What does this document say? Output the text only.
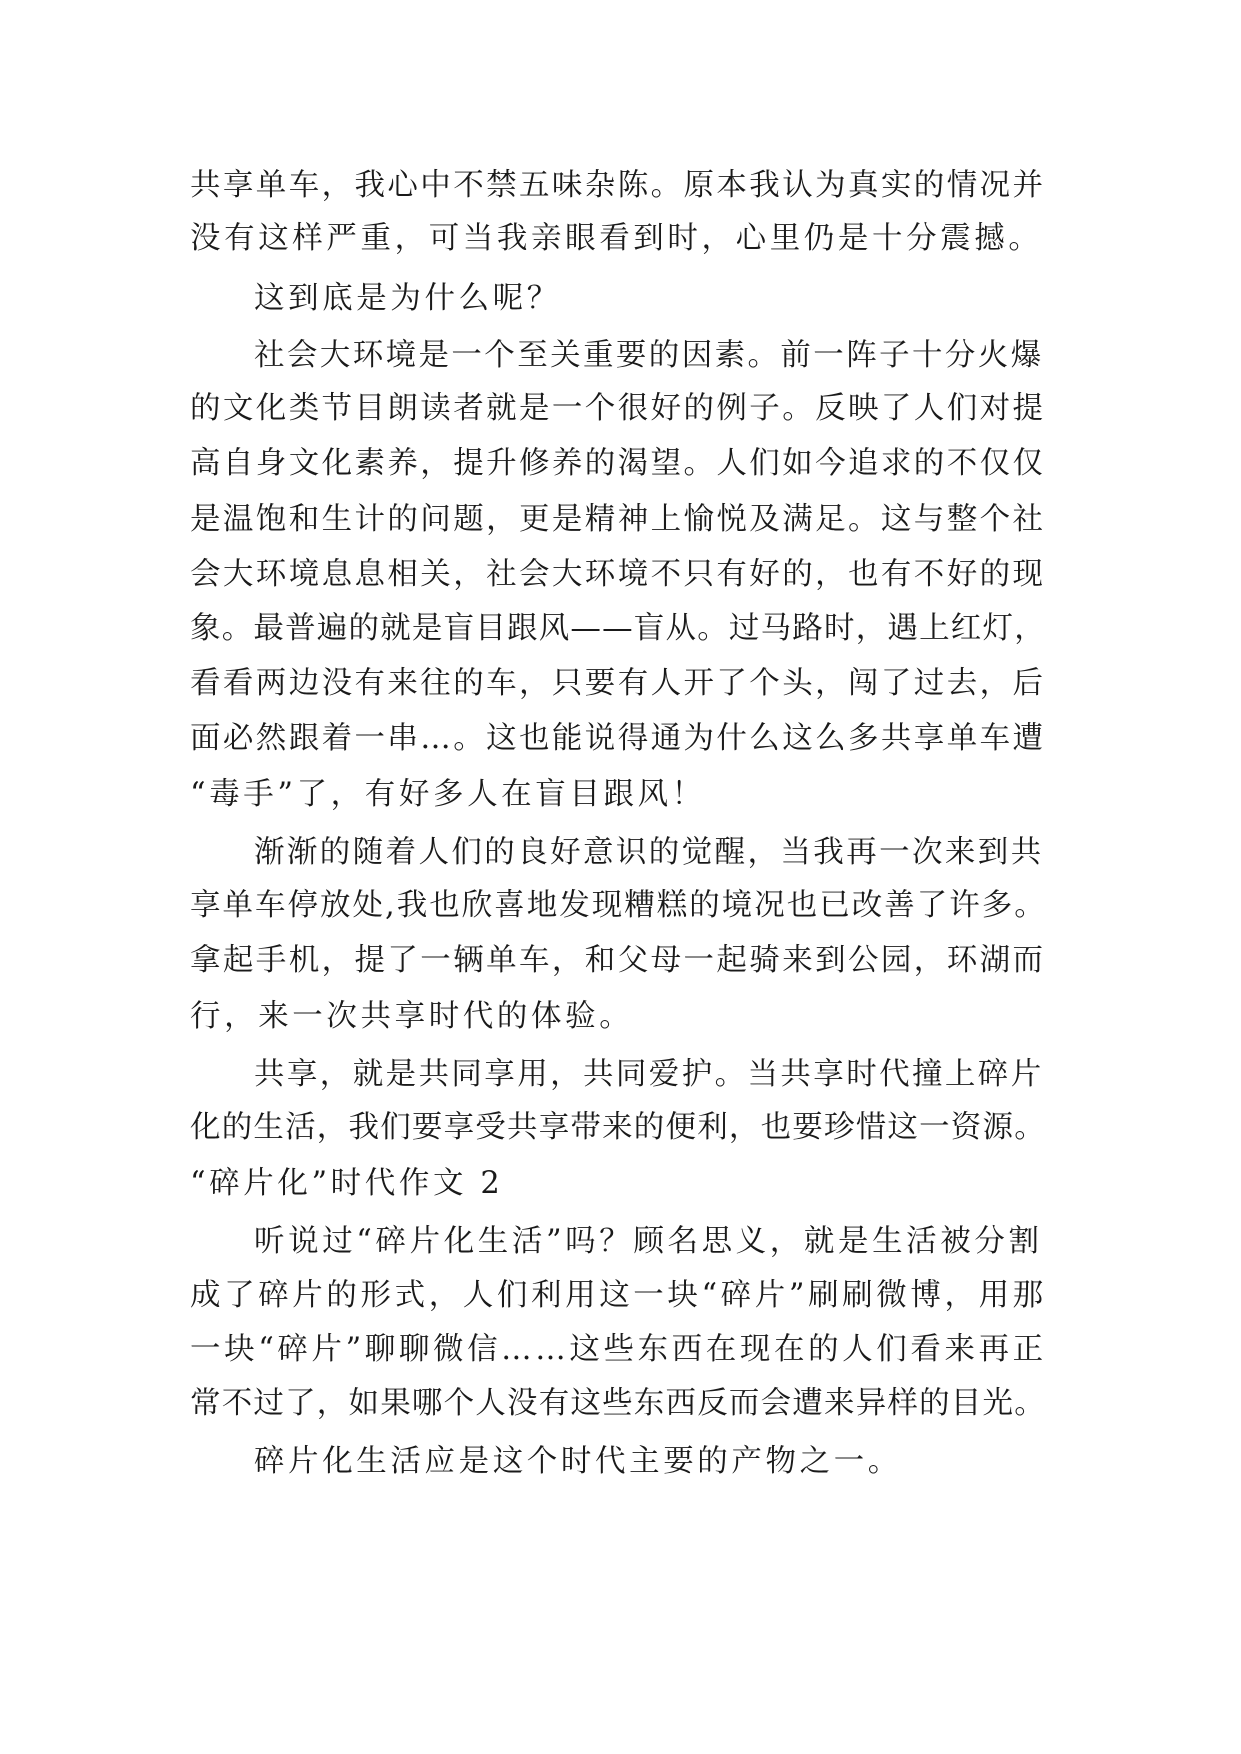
共享单车，我心中不禁五味杂陈。原本我认为真实的情况并
没有这样严重，可当我亲眼看到时，心里仍是十分震撼。
这到底是为什么呢？
社会大环境是一个至关重要的因素。前一阵子十分火爆
的文化类节目朗读者就是一个很好的例子。反映了人们对提
高自身文化素养，提升修养的渴望。人们如今追求的不仅仅
是温饱和生计的问题，更是精神上愉悦及满足。这与整个社
会大环境息息相关，社会大环境不只有好的，也有不好的现
象。最普遍的就是盲目跟风——盲从。过马路时，遇上红灯，
看看两边没有来往的车，只要有人开了个头，闯了过去，后
面必然跟着一串…。这也能说得通为什么这么多共享单车遭
“毒手”了，有好多人在盲目跟风！
渐渐的随着人们的良好意识的觉醒，当我再一次来到共
享单车停放处,我也欣喜地发现糟糕的境况也已改善了许多。
拿起手机，提了一辆单车，和父母一起骑来到公园，环湖而
行，来一次共享时代的体验。
共享，就是共同享用，共同爱护。当共享时代撞上碎片
化的生活，我们要享受共享带来的便利，也要珍惜这一资源。
“碎片化”时代作文 2
听说过“碎片化生活”吗？顾名思义，就是生活被分割
成了碎片的形式，人们利用这一块“碎片”刷刷微博，用那
一块“碎片”聊聊微信……这些东西在现在的人们看来再正
常不过了，如果哪个人没有这些东西反而会遭来异样的目光。
碎片化生活应是这个时代主要的产物之一。
